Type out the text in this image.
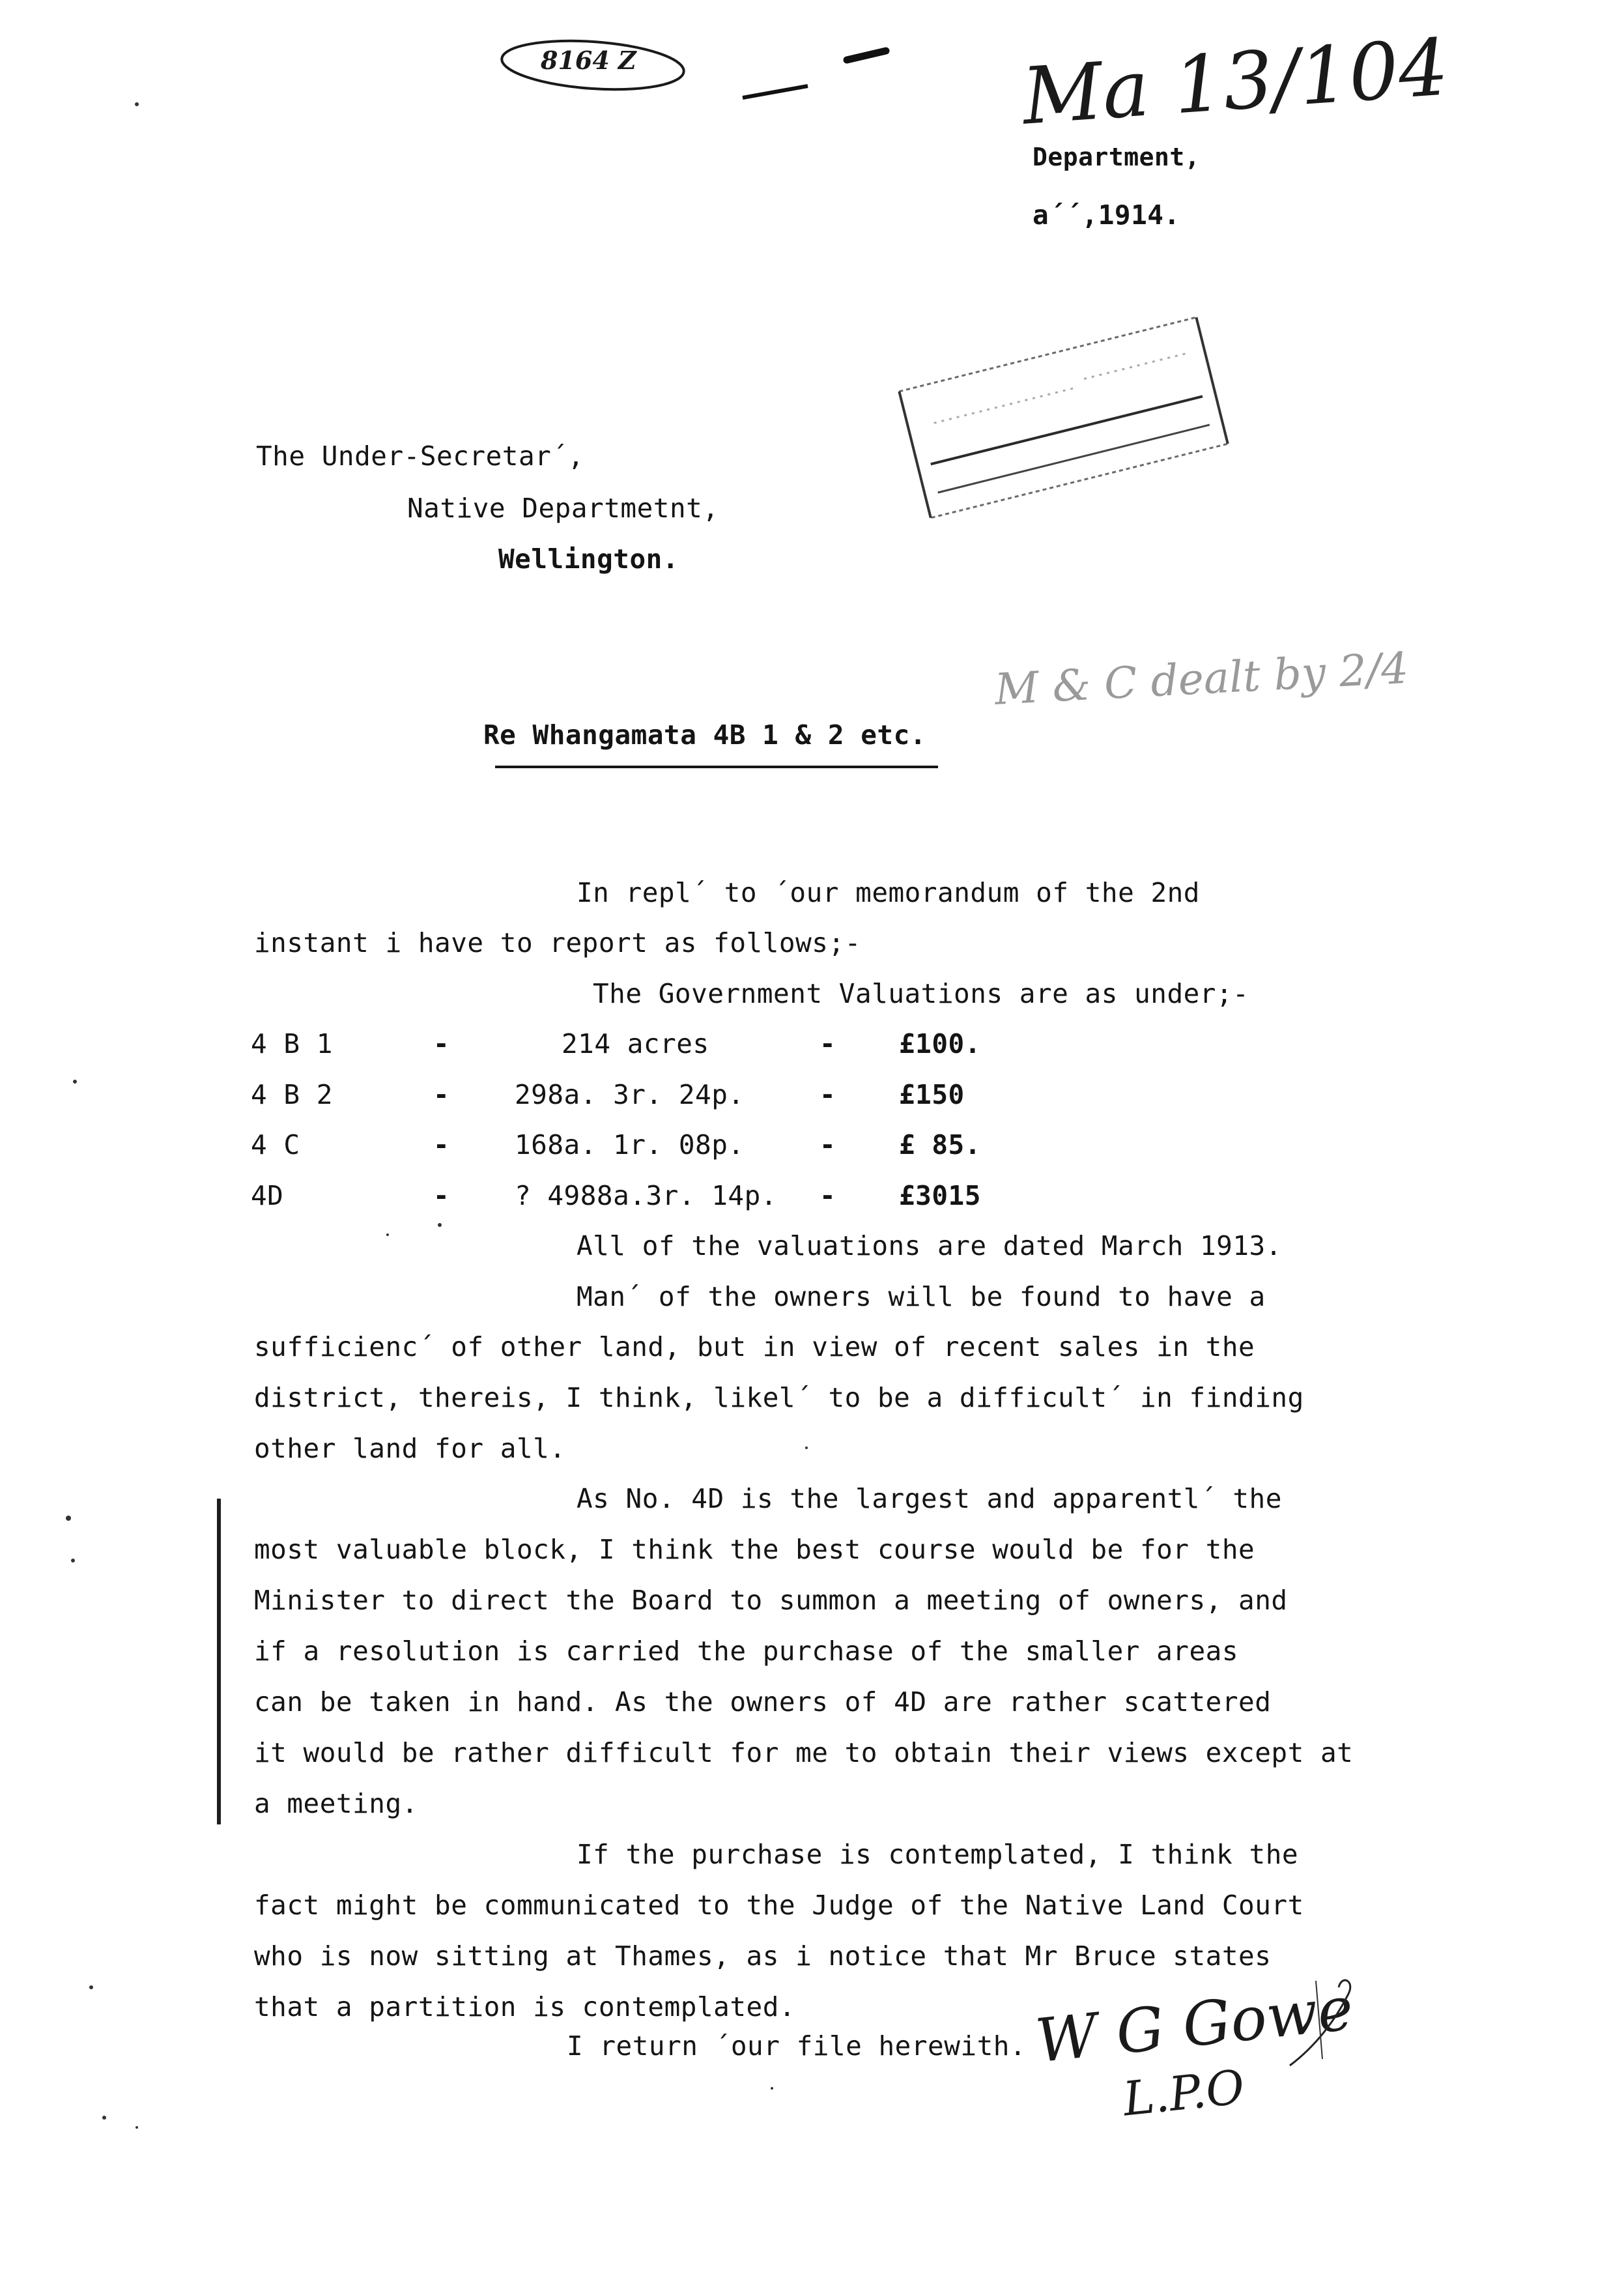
8164 Z	Ma 13/104
Department,
a´´,1914.
The Under-Secretar´,
Native Departmetnt,
Wellington.
M & C dealt by 2/4
Re Whangamata 4B 1 & 2 etc.
In repl´ to ´our memorandum of the 2nd
instant i have to report as follows;-
The Government Valuations are as under;-
4 B 1	-	214 acres	- £100.
4 B 2	- 298a. 3r. 24p.	- £150
4 C	- 168a. 1r. 08p.	- £ 85.
4D	- ? 4988a.3r. 14p. - £3015
All of the valuations are dated March 1913.
Man´ of the owners will be found to have a
sufficienc´ of other land, but in view of recent sales in the
district, thereis, I think, likel´ to be a difficult´ in finding
other land for all.
As No. 4D is the largest and apparentl´ the
most valuable block, I think the best course would be for the
Minister to direct the Board to summon a meeting of owners, and
if a resolution is carried the purchase of the smaller areas
can be taken in hand. As the owners of 4D are rather scattered
it would be rather difficult for me to obtain their views except at
a meeting.
If the purchase is contemplated, I think the
fact might be communicated to the Judge of the Native Land Court
who is now sitting at Thames, as i notice that Mr Bruce states
that a partition is contemplated.
I return ´our file herewith. W G Gowe
L.P.O
